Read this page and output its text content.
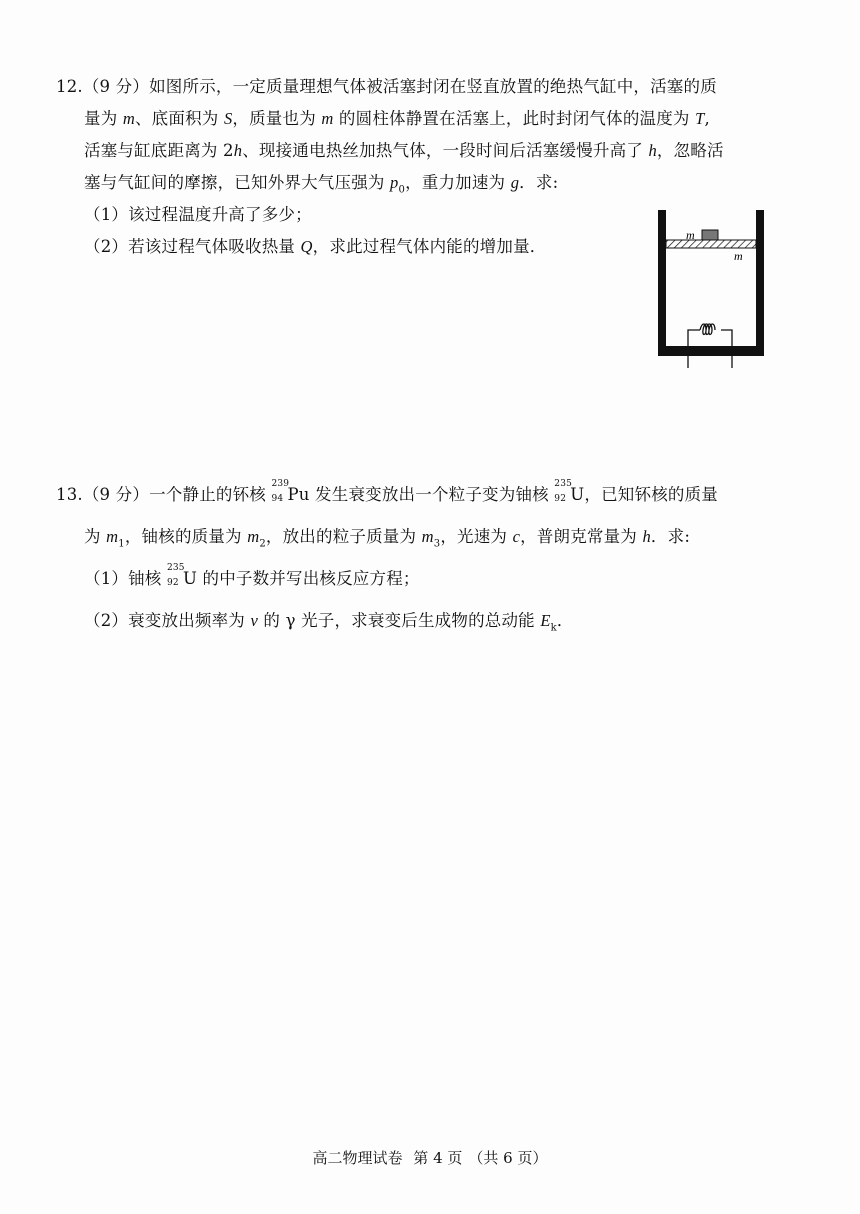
12.（9 分）如图所示，一定质量理想气体被活塞封闭在竖直放置的绝热气缸中，活塞的质
量为 m、底面积为 S，质量也为 m 的圆柱体静置在活塞上，此时封闭气体的温度为 T,
活塞与缸底距离为 2h、现接通电热丝加热气体，一段时间后活塞缓慢升高了 h，忽略活
塞与气缸间的摩擦，已知外界大气压强为 $p_0$，重力加速为 g．求:
（1）该过程温度升高了多少；
（2）若该过程气体吸收热量 Q，求此过程气体内能的增加量．
m
m
13.（9 分）一个静止的钚核
239
94 Pu 发生衰变放出一个粒子变为铀核
235
92 U，已知钚核的质量
为 $m_1$，铀核的质量为 $m_2$，放出的粒子质量为 $m_3$，光速为 c，普朗克常量为 h．求:
（1）铀核
235
92 U 的中子数并写出核反应方程；
（2）衰变放出频率为 ν 的 γ 光子，求衰变后生成物的总动能 $E_k$．
高二物理试卷 第 4 页 （共 6 页）
